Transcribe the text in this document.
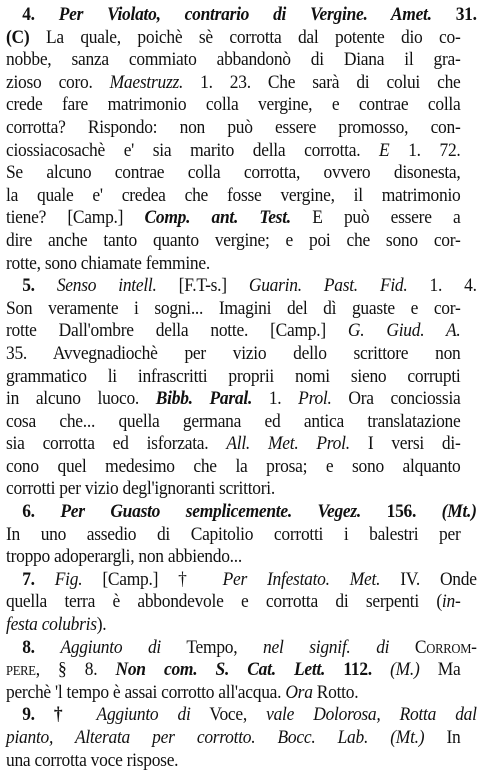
4. Per Violato, contrario di Vergine. Amet. 31.
(C) La quale, poichè sè corrotta dal potente dio co-
nobbe, sanza commiato abbandonò di Diana il gra-
zioso coro. Maestruzz. 1. 23. Che sarà di colui che
crede fare matrimonio colla vergine, e contrae colla
corrotta? Rispondo: non può essere promosso, con-
ciossiacosachè e' sia marito della corrotta. E 1. 72.
Se alcuno contrae colla corrotta, ovvero disonesta,
la quale e' credea che fosse vergine, il matrimonio
tiene? [Camp.] Comp. ant. Test. E può essere a
dire anche tanto quanto vergine; e poi che sono cor-
rotte, sono chiamate femmine.
5. Senso intell. [F.T-s.] Guarin. Past. Fid. 1. 4.
Son veramente i sogni... Imagini del dì guaste e cor-
rotte Dall'ombre della notte. [Camp.] G. Giud. A.
35. Avvegnadiochè per vizio dello scrittore non
grammatico li infrascritti proprii nomi sieno corrupti
in alcuno luoco. Bibb. Paral. 1. Prol. Ora conciossia
cosa che... quella germana ed antica translatazione
sia corrotta ed isforzata. All. Met. Prol. I versi di-
cono quel medesimo che la prosa; e sono alquanto
corrotti per vizio degl'ignoranti scrittori.
6. Per Guasto semplicemente. Vegez. 156. (Mt.)
In uno assedio di Capitolio corrotti i balestri per
troppo adoperargli, non abbiendo...
7. Fig. [Camp.] † Per Infestato. Met. IV. Onde
quella terra è abbondevole e corrotta di serpenti (in-
festa colubris).
8. Aggiunto di Tempo, nel signif. di Corrom-
pere, § 8. Non com. S. Cat. Lett. 112. (M.) Ma
perchè 'l tempo è assai corrotto all'acqua. Ora Rotto.
9. † Aggiunto di Voce, vale Dolorosa, Rotta dal
pianto, Alterata per corrotto. Bocc. Lab. (Mt.) In
una corrotta voce rispose.
